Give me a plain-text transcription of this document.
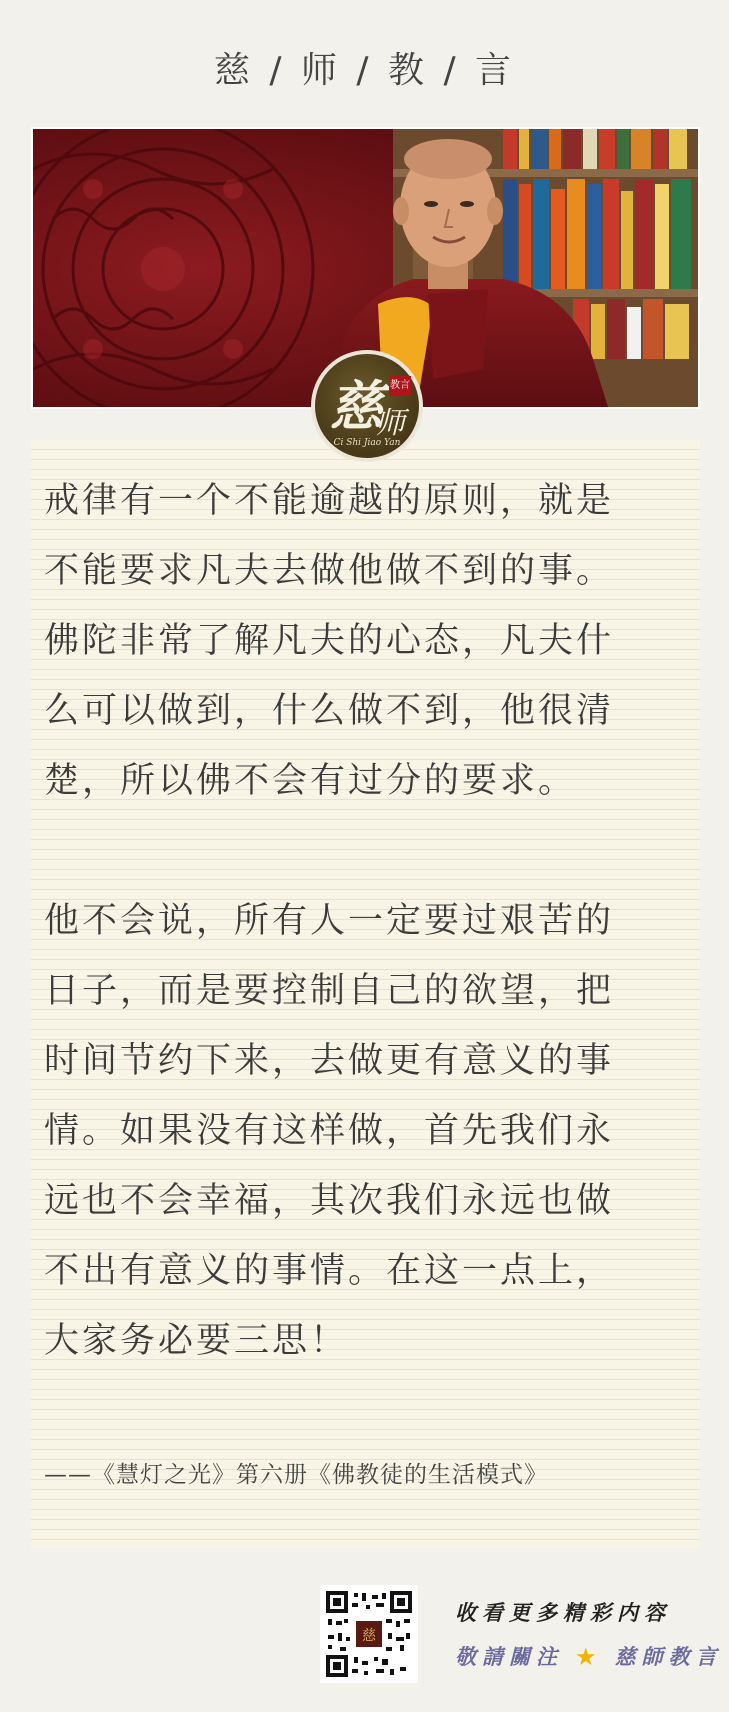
慈 / 师 / 教 / 言
慈 教言
师
Ci Shi Jiao Yan
戒律有一个不能逾越的原则，就是
不能要求凡夫去做他做不到的事。
佛陀非常了解凡夫的心态，凡夫什
么可以做到，什么做不到，他很清
楚，所以佛不会有过分的要求。
他不会说，所有人一定要过艰苦的
日子，而是要控制自己的欲望，把
时间节约下来，去做更有意义的事
情。如果没有这样做，首先我们永
远也不会幸福，其次我们永远也做
不出有意义的事情。在这一点上，
大家务必要三思！
——《慧灯之光》第六册《佛教徒的生活模式》
慈
收看更多精彩内容
敬請關注 ★ 慈師教言
